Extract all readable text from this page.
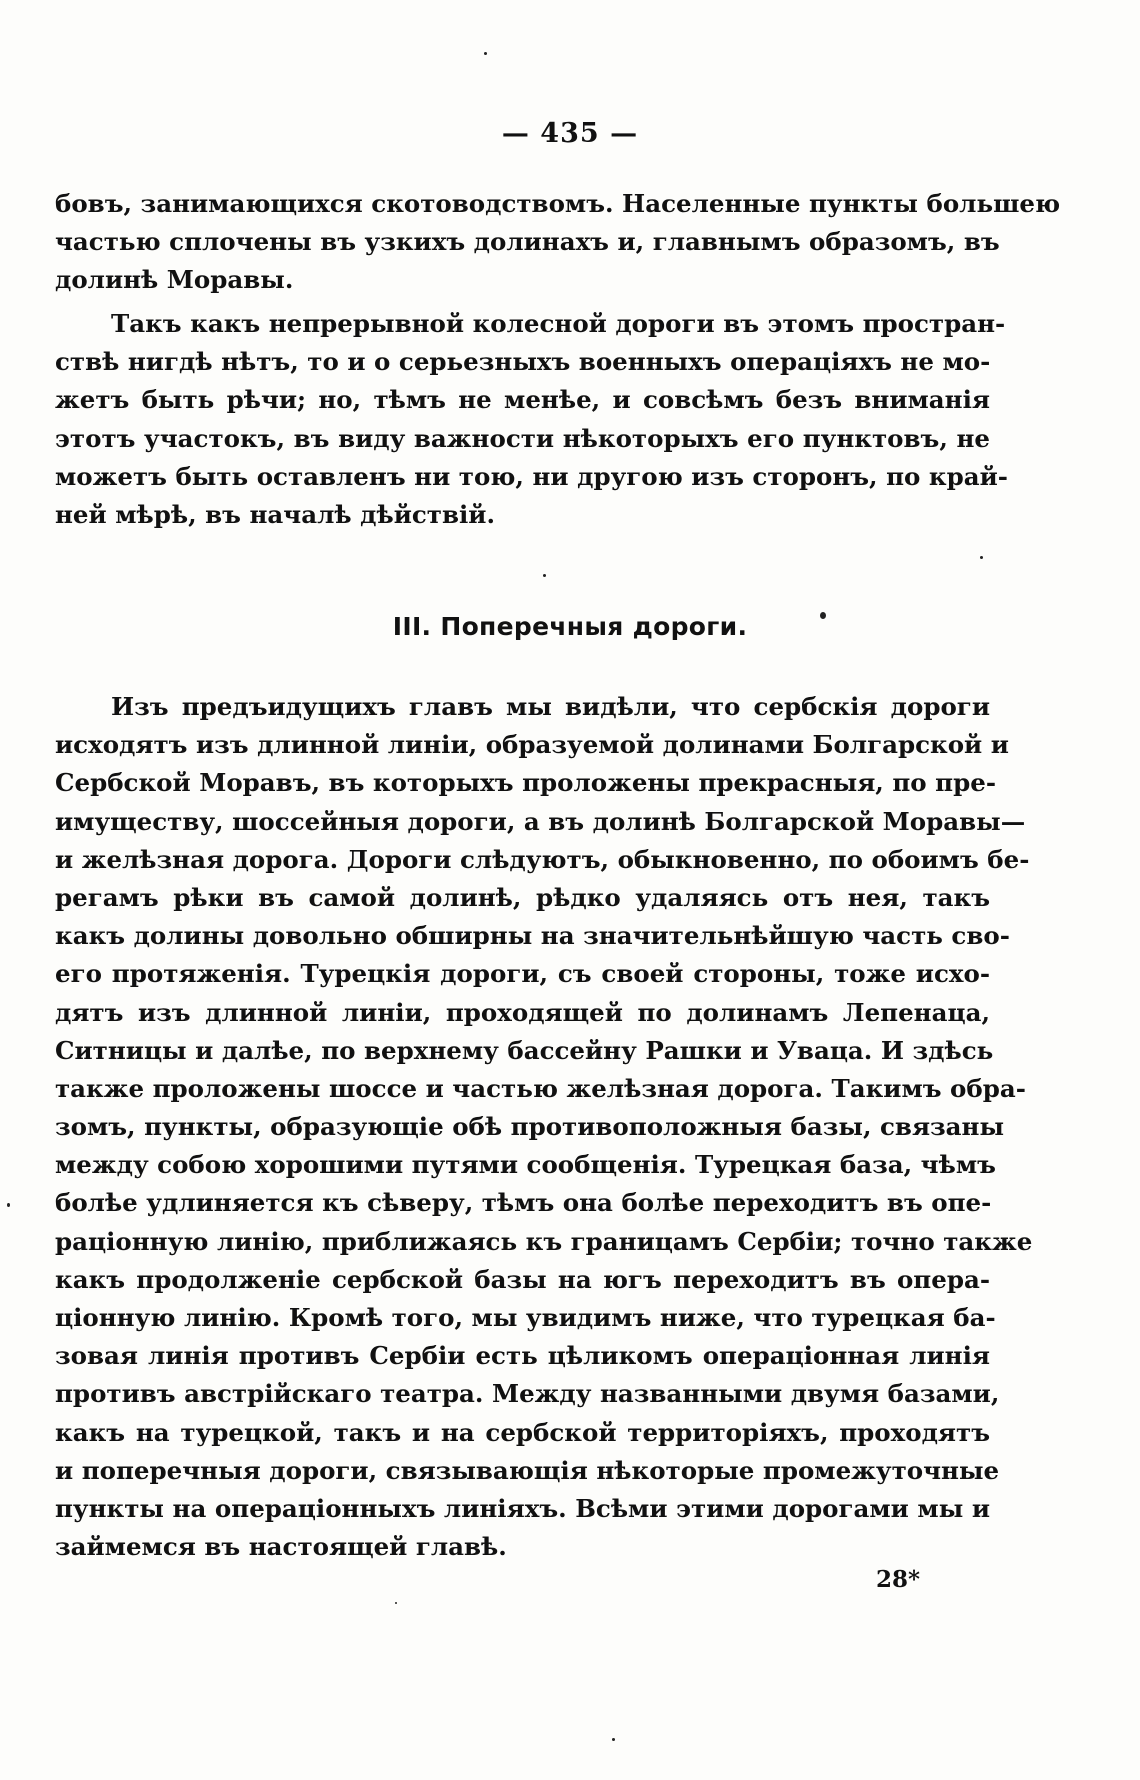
— 435 —
бовъ, занимающихся скотоводствомъ. Населенные пункты большею
частью сплочены въ узкихъ долинахъ и, главнымъ образомъ, въ
долинѣ Моравы.
Такъ какъ непрерывной колесной дороги въ этомъ простран-
ствѣ нигдѣ нѣтъ, то и о серьезныхъ военныхъ операціяхъ не мо-
жетъ быть рѣчи; но, тѣмъ не менѣе, и совсѣмъ безъ вниманія
этотъ участокъ, въ виду важности нѣкоторыхъ его пунктовъ, не
можетъ быть оставленъ ни тою, ни другою изъ сторонъ, по край-
ней мѣрѣ, въ началѣ дѣйствій.
III. Поперечныя дороги.
Изъ предъидущихъ главъ мы видѣли, что сербскія дороги
исходятъ изъ длинной линіи, образуемой долинами Болгарской и
Сербской Моравъ, въ которыхъ проложены прекрасныя, по пре-
имуществу, шоссейныя дороги, а въ долинѣ Болгарской Моравы—
и желѣзная дорога. Дороги слѣдуютъ, обыкновенно, по обоимъ бе-
регамъ рѣки въ самой долинѣ, рѣдко удаляясь отъ нея, такъ
какъ долины довольно обширны на значительнѣйшую часть сво-
его протяженія. Турецкія дороги, съ своей стороны, тоже исхо-
дятъ изъ длинной линіи, проходящей по долинамъ Лепенаца,
Ситницы и далѣе, по верхнему бассейну Рашки и Увaца. И здѣсь
также проложены шоссе и частью желѣзная дорога. Такимъ обра-
зомъ, пункты, образующіе обѣ противоположныя базы, связаны
между собою хорошими путями сообщенія. Турецкая база, чѣмъ
болѣе удлиняется къ сѣверу, тѣмъ она болѣе переходитъ въ опе-
раціонную линію, приближаясь къ границамъ Сербіи; точно также
какъ продолженіе сербской базы на югъ переходитъ въ опера-
ціонную линію. Кромѣ того, мы увидимъ ниже, что турецкая ба-
зовая линія противъ Сербіи есть цѣликомъ операціонная линія
противъ австрійскаго театра. Между названными двумя базами,
какъ на турецкой, такъ и на сербской территоріяхъ, проходятъ
и поперечныя дороги, связывающія нѣкоторые промежуточные
пункты на операціонныхъ линіяхъ. Всѣми этими дорогами мы и
займемся въ настоящей главѣ.
28*
